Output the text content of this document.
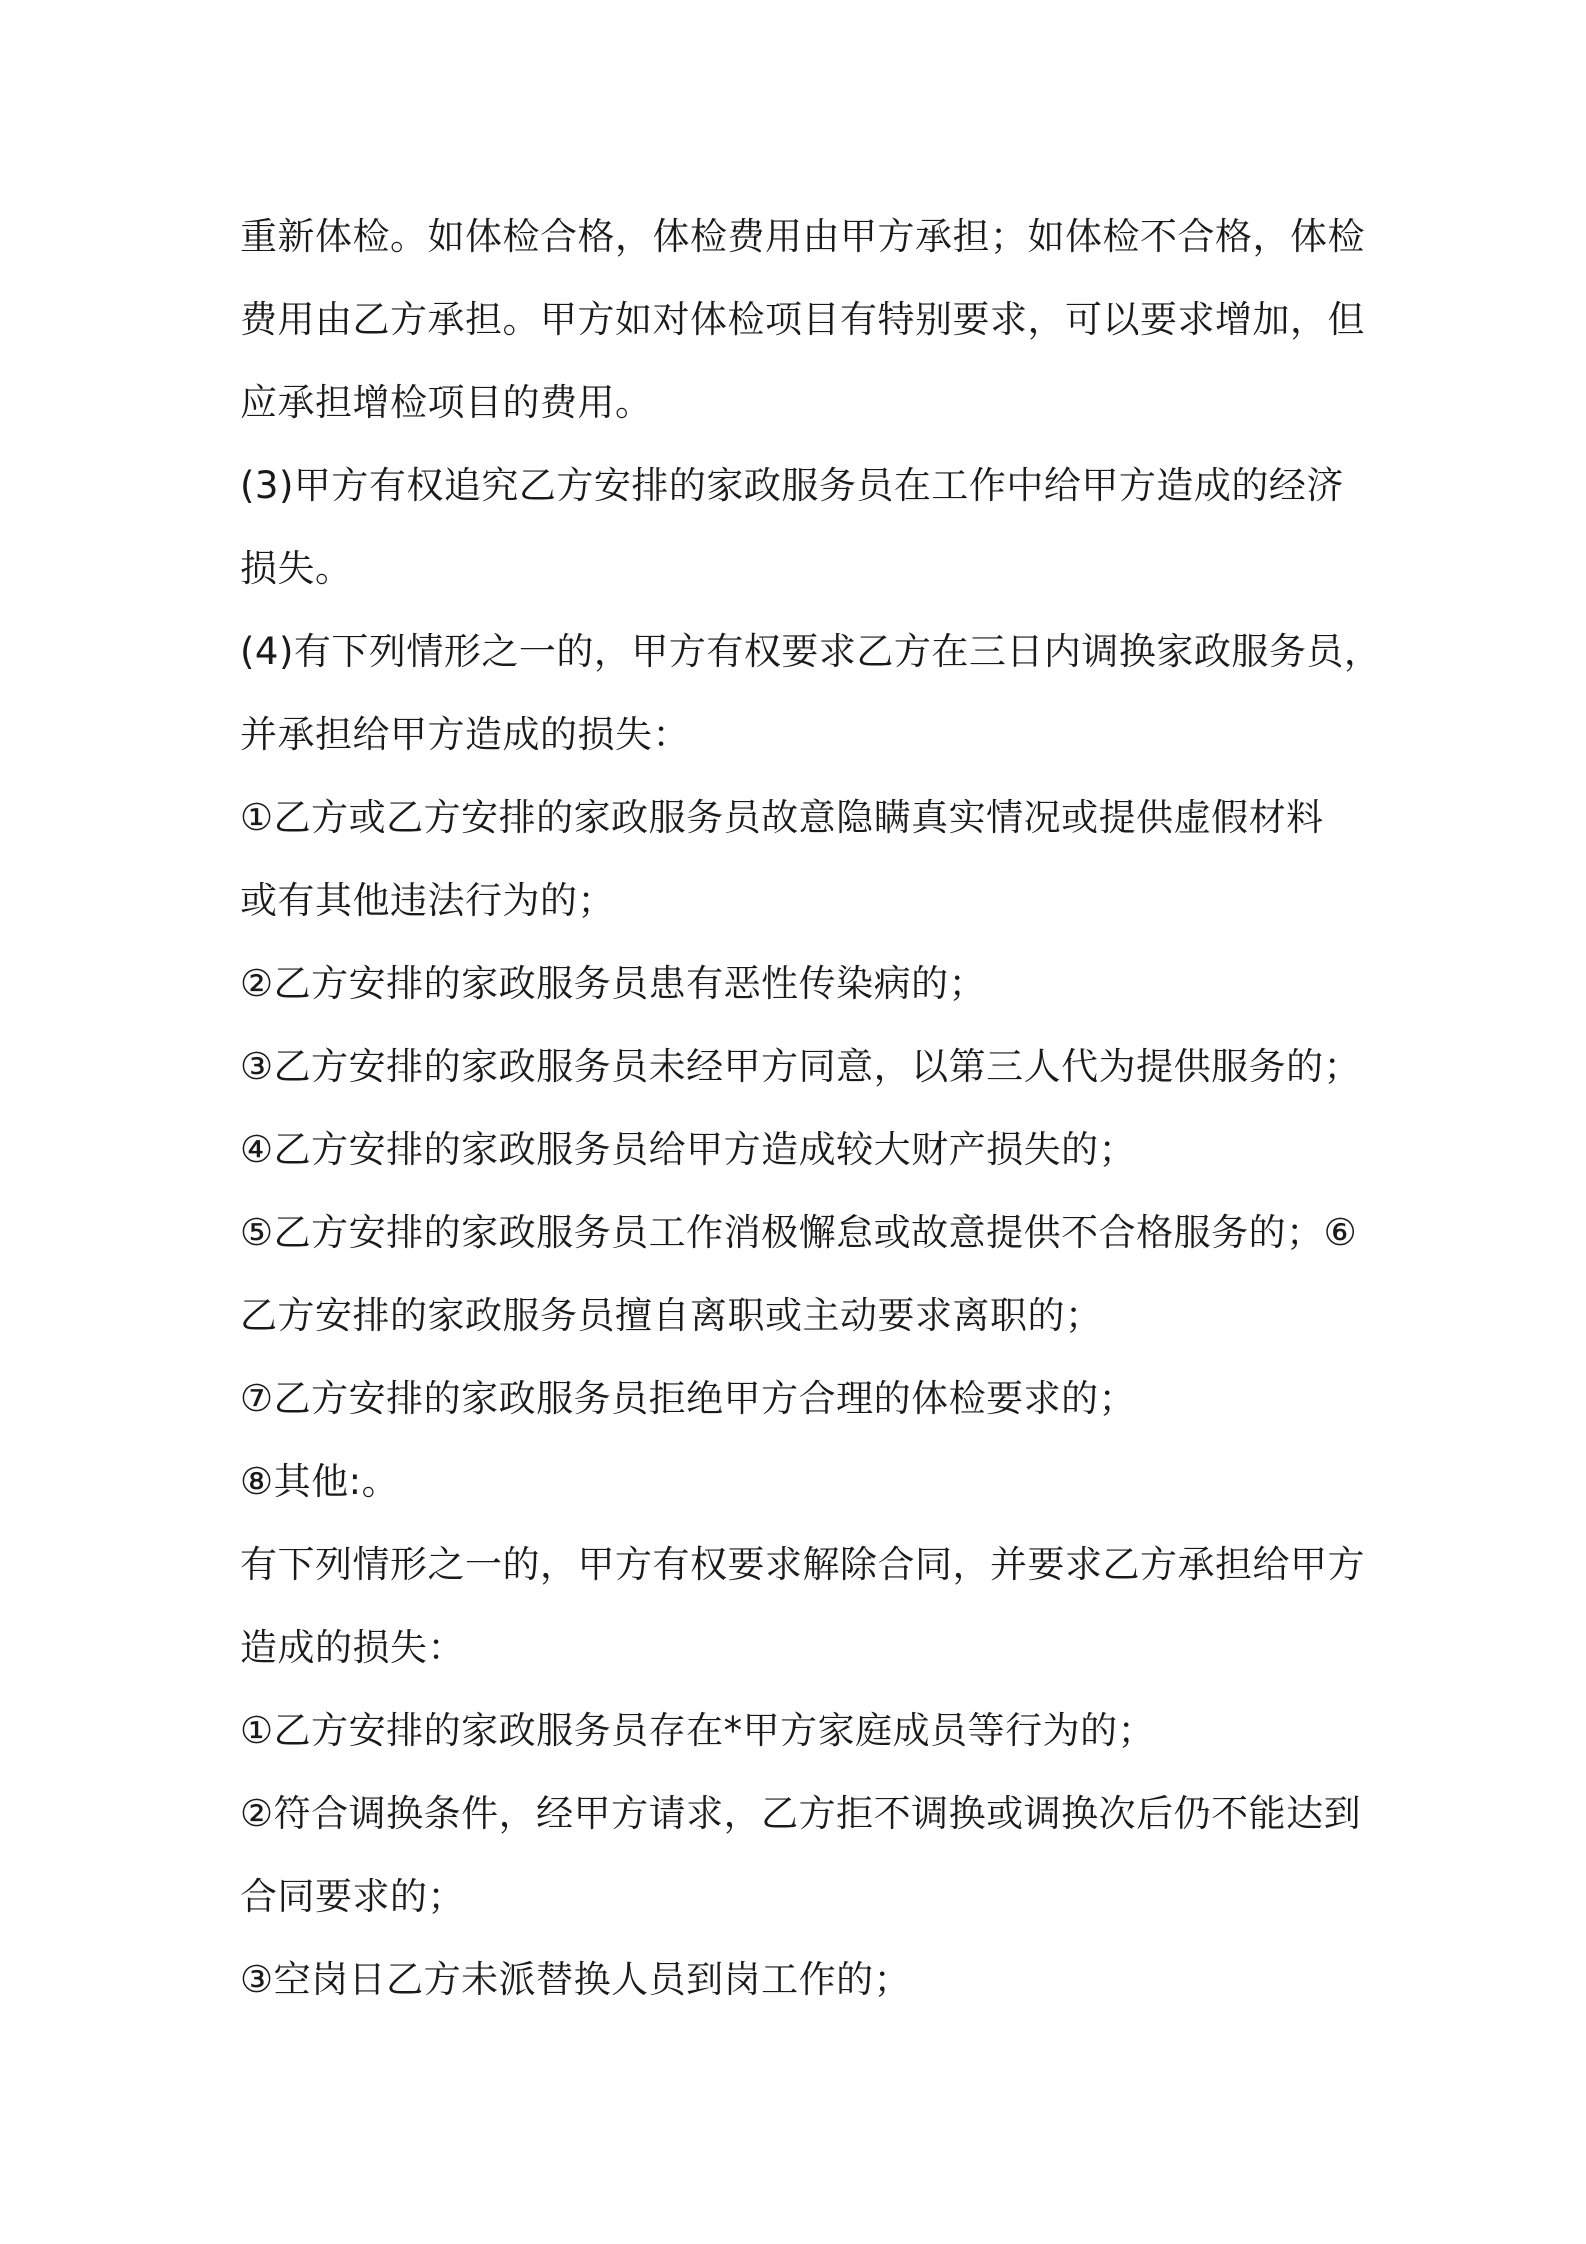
重新体检。如体检合格，体检费用由甲方承担；如体检不合格，体检
费用由乙方承担。甲方如对体检项目有特别要求，可以要求增加，但
应承担增检项目的费用。
(3)甲方有权追究乙方安排的家政服务员在工作中给甲方造成的经济
损失。
(4)有下列情形之一的，甲方有权要求乙方在三日内调换家政服务员，
并承担给甲方造成的损失：
①乙方或乙方安排的家政服务员故意隐瞒真实情况或提供虚假材料
或有其他违法行为的；
②乙方安排的家政服务员患有恶性传染病的；
③乙方安排的家政服务员未经甲方同意，以第三人代为提供服务的；
④乙方安排的家政服务员给甲方造成较大财产损失的；
⑤乙方安排的家政服务员工作消极懈怠或故意提供不合格服务的；⑥
乙方安排的家政服务员擅自离职或主动要求离职的；
⑦乙方安排的家政服务员拒绝甲方合理的体检要求的；
⑧其他:。
有下列情形之一的，甲方有权要求解除合同，并要求乙方承担给甲方
造成的损失：
①乙方安排的家政服务员存在*甲方家庭成员等行为的；
②符合调换条件，经甲方请求，乙方拒不调换或调换次后仍不能达到
合同要求的；
③空岗日乙方未派替换人员到岗工作的；
